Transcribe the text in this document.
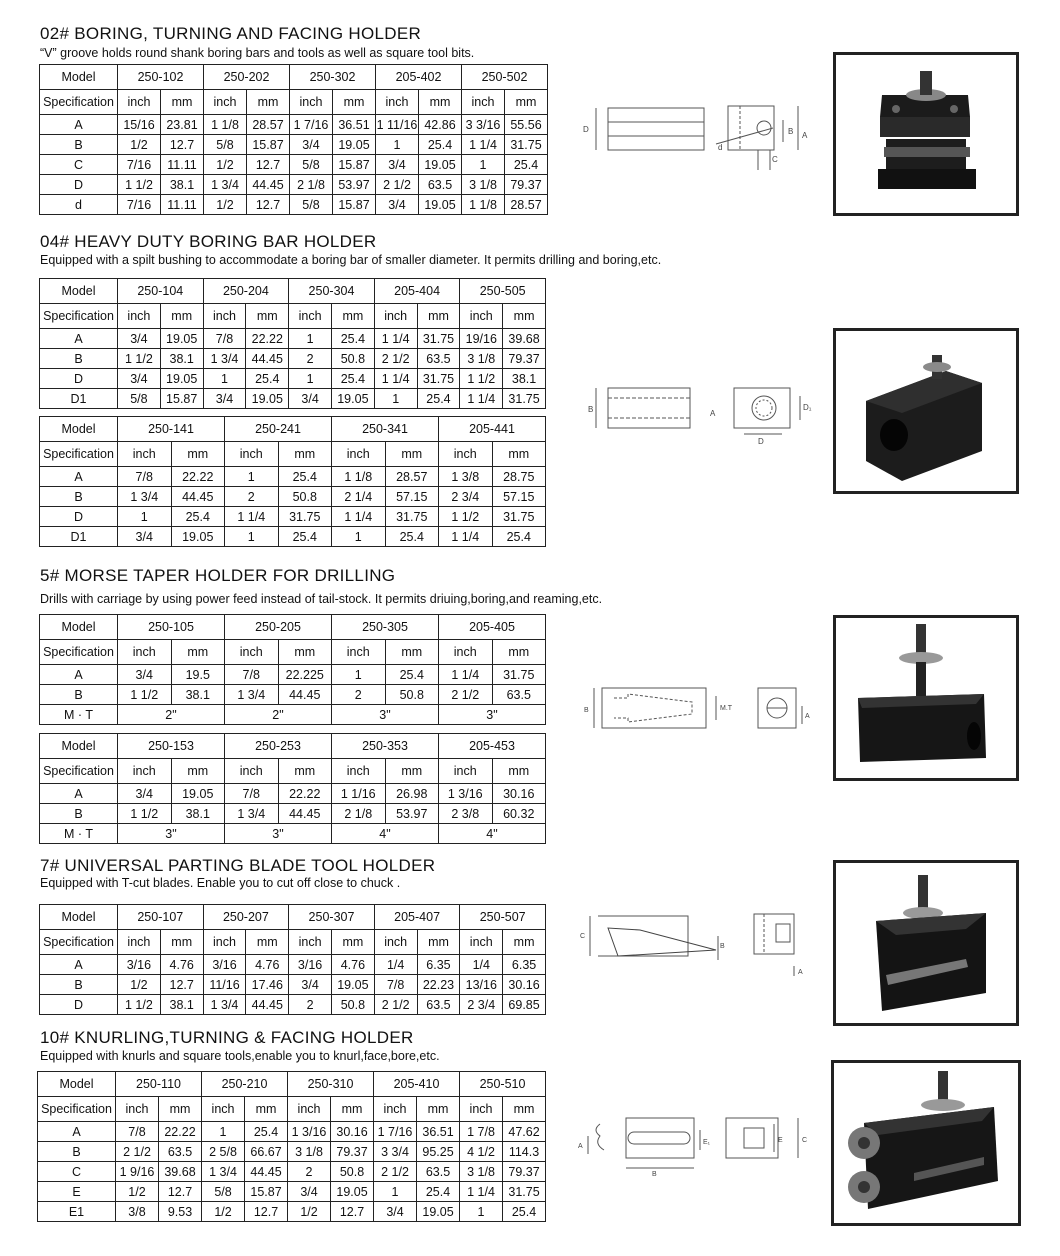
02# BORING, TURNING AND FACING HOLDER

“V” groove holds round shank boring bars and tools as well as square tool bits.

Model	250-102		250-202		250-302		205-402		250-502	
Specification	inch	mm	inch	mm	inch	mm	inch	mm	inch	mm
A	15/16	23.81	1 1/8	28.57	1 7/16	36.51	1 11/16	42.86	3 3/16	55.56
B	1/2	12.7	5/8	15.87	3/4	19.05	1	25.4	1 1/4	31.75
C	7/16	11.11	1/2	12.7	5/8	15.87	3/4	19.05	1	25.4
D	1 1/2	38.1	1 3/4	44.45	2 1/8	53.97	2 1/2	63.5	3 1/8	79.37
d	7/16	11.11	1/2	12.7	5/8	15.87	3/4	19.05	1 1/8	28.57
D
d
B A
C
04# HEAVY DUTY BORING BAR HOLDER

Equipped with a spilt bushing to accommodate a boring bar of smaller diameter. It permits drilling and boring,etc.

Model	250-104		250-204		250-304		205-404		250-505	
Specification	inch	mm	inch	mm	inch	mm	inch	mm	inch	mm
A	3/4	19.05	7/8	22.22	1	25.4	1 1/4	31.75	19/16	39.68
B	1 1/2	38.1	1 3/4	44.45	2	50.8	2 1/2	63.5	3 1/8	79.37
D	3/4	19.05	1	25.4	1	25.4	1 1/4	31.75	1 1/2	38.1
D1	5/8	15.87	3/4	19.05	3/4	19.05	1	25.4	1 1/4	31.75
Model	250-141		250-241		250-341		205-441	
Specification	inch	mm	inch	mm	inch	mm	inch	mm
A	7/8	22.22	1	25.4	1 1/8	28.57	1 3/8	28.75
B	1 3/4	44.45	2	50.8	2 1/4	57.15	2 3/4	57.15
D	1	25.4	1 1/4	31.75	1 1/4	31.75	1 1/2	31.75
D1	3/4	19.05	1	25.4	1	25.4	1 1/4	25.4
B	A
D₁
D
5# MORSE TAPER HOLDER FOR DRILLING

Drills with carriage by using power feed instead of tail-stock. It permits driuing,boring,and reaming,etc.

Model	250-105		250-205		250-305		205-405	
Specification	inch	mm	inch	mm	inch	mm	inch	mm
A	3/4	19.5	7/8	22.225	1	25.4	1 1/4	31.75
B	1 1/2	38.1	1 3/4	44.45	2	50.8	2 1/2	63.5
M · T	2"		2"		3"		3"	
Model	250-153		250-253		250-353		205-453	
Specification	inch	mm	inch	mm	inch	mm	inch	mm
A	3/4	19.05	7/8	22.22	1 1/16	26.98	1 3/16	30.16
B	1 1/2	38.1	1 3/4	44.45	2 1/8	53.97	2 3/8	60.32
M · T	3"		3"		4"		4"	
B	M.T
A
7# UNIVERSAL PARTING BLADE TOOL HOLDER

Equipped with T-cut blades. Enable you to cut off close to chuck .

Model	250-107		250-207		250-307		205-407		250-507	
Specification	inch	mm	inch	mm	inch	mm	inch	mm	inch	mm
A	3/16	4.76	3/16	4.76	3/16	4.76	1/4	6.35	1/4	6.35
B	1/2	12.7	11/16	17.46	3/4	19.05	7/8	22.23	13/16	30.16
D	1 1/2	38.1	1 3/4	44.45	2	50.8	2 1/2	63.5	2 3/4	69.85
C
B
A
10# KNURLING,TURNING & FACING HOLDER

Equipped with knurls and square tools,enable you to knurl,face,bore,etc.

Model	250-110		250-210		250-310		205-410		250-510	
Specification	inch	mm	inch	mm	inch	mm	inch	mm	inch	mm
A	7/8	22.22	1	25.4	1 3/16	30.16	1 7/16	36.51	1 7/8	47.62
B	2 1/2	63.5	2 5/8	66.67	3 1/8	79.37	3 3/4	95.25	4 1/2	114.3
C	1 9/16	39.68	1 3/4	44.45	2	50.8	2 1/2	63.5	3 1/8	79.37
E	1/2	12.7	5/8	15.87	3/4	19.05	1	25.4	1 1/4	31.75
E1	3/8	9.53	1/2	12.7	1/2	12.7	3/4	19.05	1	25.4
A
B
E₁	E	C
